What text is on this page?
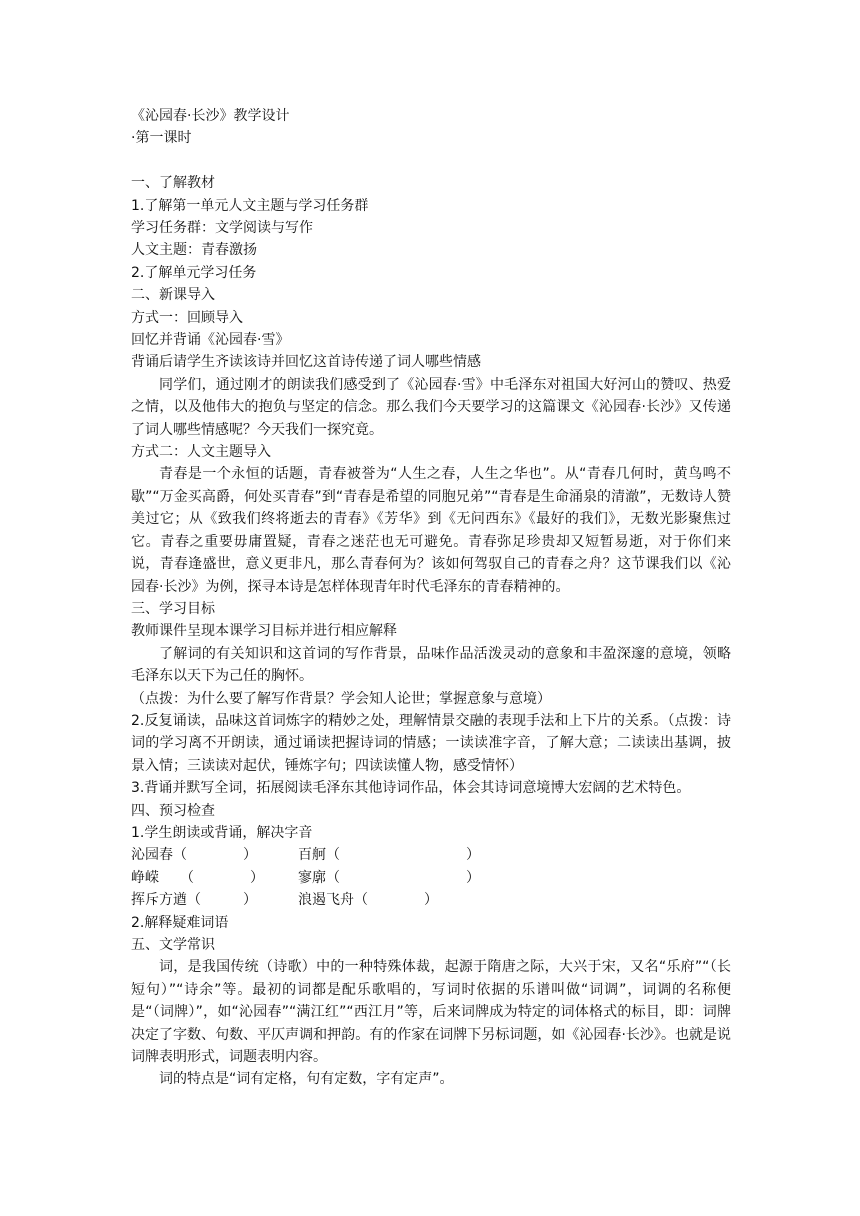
《沁园春·长沙》教学设计
·第一课时
一、了解教材
1.了解第一单元人文主题与学习任务群
学习任务群：文学阅读与写作
人文主题：青春激扬
2.了解单元学习任务
二、新课导入
方式一：回顾导入
回忆并背诵《沁园春·雪》
背诵后请学生齐读该诗并回忆这首诗传递了词人哪些情感
同学们，通过刚才的朗读我们感受到了《沁园春·雪》中毛泽东对祖国大好河山的赞叹、热爱之情，以及他伟大的抱负与坚定的信念。那么我们今天要学习的这篇课文《沁园春·长沙》又传递了词人哪些情感呢？今天我们一探究竟。
方式二：人文主题导入
青春是一个永恒的话题，青春被誉为“人生之春，人生之华也”。从“青春几何时，黄鸟鸣不歇”“万金买高爵，何处买青春”到“青春是希望的同胞兄弟”“青春是生命涌泉的清澈”，无数诗人赞美过它；从《致我们终将逝去的青春》《芳华》到《无问西东》《最好的我们》，无数光影聚焦过它。青春之重要毋庸置疑，青春之迷茫也无可避免。青春弥足珍贵却又短暂易逝，对于你们来说，青春逢盛世，意义更非凡，那么青春何为？该如何驾驭自己的青春之舟？这节课我们以《沁园春·长沙》为例，探寻本诗是怎样体现青年时代毛泽东的青春精神的。
三、学习目标
教师课件呈现本课学习目标并进行相应解释
了解词的有关知识和这首词的写作背景，品味作品活泼灵动的意象和丰盈深邃的意境，领略毛泽东以天下为己任的胸怀。
（点拨：为什么要了解写作背景？学会知人论世；掌握意象与意境）
2.反复诵读，品味这首词炼字的精妙之处，理解情景交融的表现手法和上下片的关系。（点拨：诗词的学习离不开朗读，通过诵读把握诗词的情感；一读读准字音，了解大意；二读读出基调，披景入情；三读读对起伏，锤炼字句；四读读懂人物，感受情怀）
3.背诵并默写全词，拓展阅读毛泽东其他诗词作品，体会其诗词意境博大宏阔的艺术特色。
四、预习检查
1.学生朗读或背诵，解决字音
沁园春（　　　　）	百舸（　　　　　　　　　）
峥嵘　　（　　　　） 寥廓（　　　　　　　　　）
挥斥方遒（　　　）	浪遏飞舟（　　　　）
2.解释疑难词语
五、文学常识
词，是我国传统（诗歌）中的一种特殊体裁，起源于隋唐之际，大兴于宋，又名“乐府”“（长短句）”“诗余”等。最初的词都是配乐歌唱的，写词时依据的乐谱叫做“词调”，词调的名称便是“（词牌）”，如“沁园春”“满江红”“西江月”等，后来词牌成为特定的词体格式的标目，即：词牌决定了字数、句数、平仄声调和押韵。有的作家在词牌下另标词题，如《沁园春·长沙》。也就是说词牌表明形式，词题表明内容。
词的特点是“词有定格，句有定数，字有定声”。
